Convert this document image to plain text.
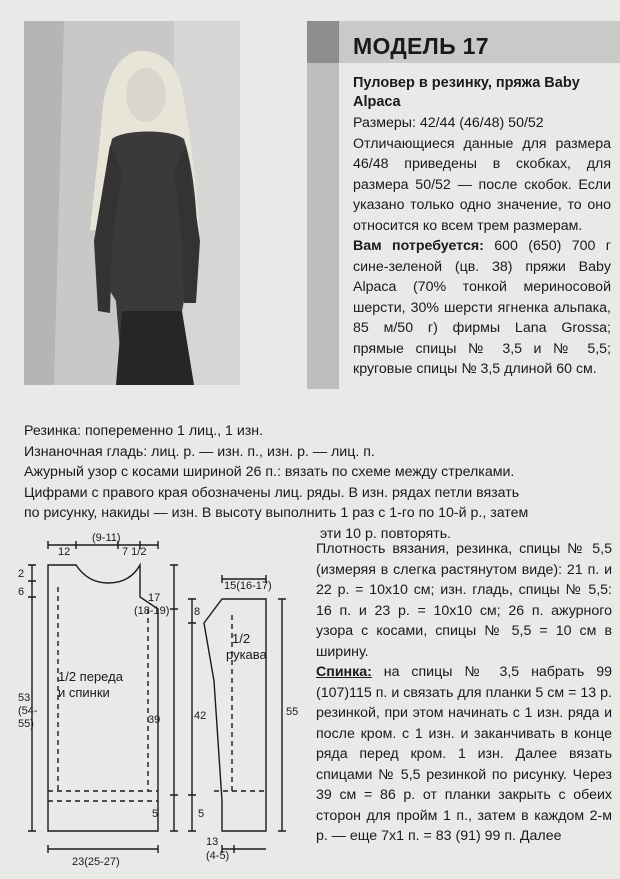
МОДЕЛЬ 17

Пуловер в резинку, пряжа Baby Alpaca

Размеры: 42/44 (46/48) 50/52

Отличающиеся данные для размера 46/48 приведены в скобках, для размера 50/52 — после скобок. Если указано только одно значение, то оно относится ко всем трем размерам.

Вам потребуется: 600 (650) 700 г сине-зеленой (цв. 38) пряжи Baby Alpaca (70% тонкой мериносовой шерсти, 30% шерсти ягненка альпака, 85 м/50 г) фирмы Lana Grossa; прямые спицы № 3,5 и № 5,5; круговые спицы № 3,5 длиной 60 см.

Резинка: попеременно 1 лиц., 1 изн.

Изнаночная гладь: лиц. р. — изн. п., изн. р. — лиц. п.

Ажурный узор с косами шириной 26 п.: вязать по схеме между стрелками.

Цифрами с правого края обозначены лиц. ряды. В изн. рядах петли вязать

по рисунку, накиды — изн. В высоту выполнить 1 раз с 1-го по 10-й р., затем

эти 10 р. повторять.

Плотность вязания, резинка, спицы № 5,5 (измеряя в слегка растянутом виде): 21 п. и 22 р. = 10x10 см; изн. гладь, спицы № 5,5: 16 п. и 23 р. = 10x10 см; 26 п. ажурного узора с косами, спицы № 5,5 = 10 см в ширину.

Спинка: на спицы № 3,5 набрать 99 (107)115 п. и связать для планки 5 см = 13 р. резинкой, при этом начинать с 1 изн. ряда и после кром. с 1 изн. и заканчивать в конце ряда перед кром. 1 изн. Далее вязать спицами № 5,5 резинкой по рисунку. Через 39 см = 86 р. от планки закрыть с обеих сторон для пройм 1 п., затем в каждом 2-м р. — еще 7x1 п. = 83 (91) 99 п. Далее

12
(9-11)
7 1/2
2
6
53
(54-
55)
17
(18-19)
39
5
23(25-27)
15(16-17)
8
42	55
5
13
(4-5)
1/2 переда
и спинки
1/2
рукава
